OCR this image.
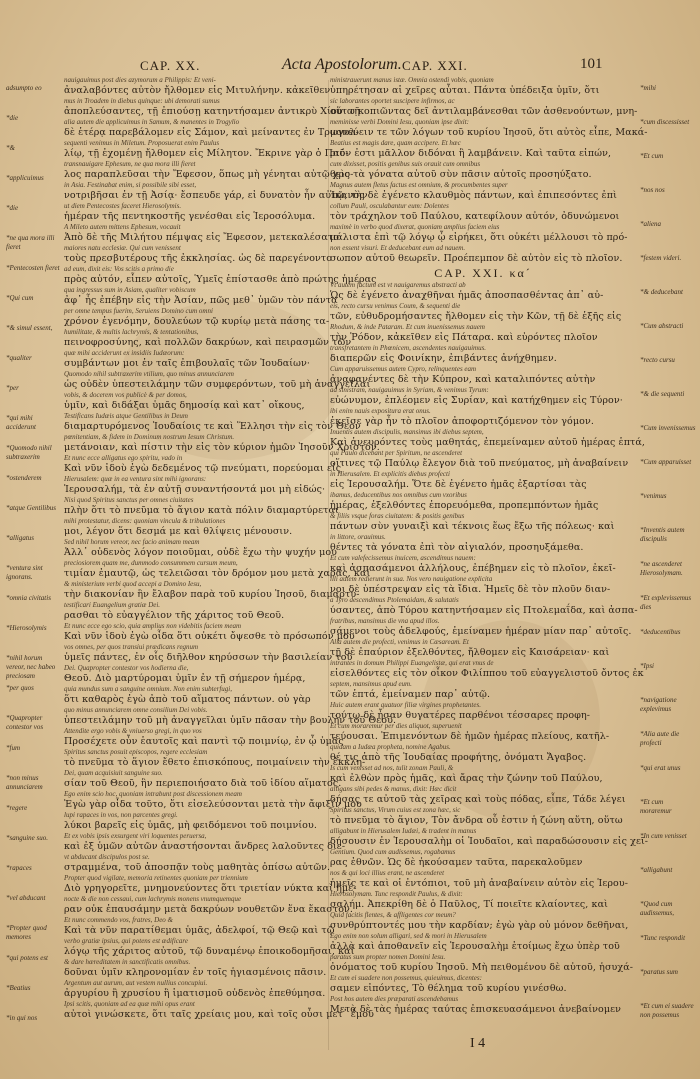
CAP. XX.	Acta Apostolorum. CAP. XXI.	101
adsumpto eo
*die
*&
*applicuimus
*die
*ne qua mora illi fieret
*Pentecosten fieret
*Qui cum
*& simul essent,
*qualiter
*per
*qui mihi acciderunt
*Quomodo nihil subtraxerim
*ostenderem
*atque Gentilibus
*alligatus
*ventura sint ignorans.
*omnia civitatis
*Hierosolymis
*nihil horum vereor, nec habeo preciosam
*per quos
*Quapropter contestor vos
*fum
*non minus annunciarem
*regere
*sanguine suo.
*rapaces
*vel abducant
*Propter quod memores
*qui potens est
*Beatius
*in qui nos
nauigauimus post dies azymorum a Philippis: Et veni-
ἀναλαβόντες αὐτὸν ἤλθομεν εἰς Μιτυλήνην. κἀκεῖθεν
mus in Troadem in diebus quinque: ubi demorati sumus
ἀποπλεύσαντες, τῇ ἐπιούσῃ κατηντήσαμεν ἀντικρὺ Χίου· τῇ
alia autem die applicuimus in Samum, & manentes in Trogylio
δὲ ἑτέρᾳ παρεβάλομεν εἰς Σάμον, καὶ μείναντες ἐν Τρωγυλ-
sequenti venimus in Miletum. Proposuerat enim Paulus
λίῳ, τῇ ἐχομένῃ ἤλθομεν εἰς Μίλητον. Ἔκρινε γὰρ ὁ Παῦ-
transnauigare Ephesum, ne qua mora illi fieret
λος παραπλεῦσαι τὴν Ἔφεσον, ὅπως μὴ γένηται αὐτῷ χρο-
in Asia. Festinabat enim, si possibile sibi esset,
νοτριβῆσαι ἐν τῇ Ἀσίᾳ· ἔσπευδε γάρ, εἰ δυνατὸν ἦν αὐτῷ, τὴν
ut diem Pentecostes faceret Hierosolymis.
ἡμέραν τῆς πεντηκοστῆς γενέσθαι εἰς Ἱεροσόλυμα.
A Mileto autem mittens Ephesum, vocauit
Ἀπὸ δὲ τῆς Μιλήτου πέμψας εἰς Ἔφεσον, μετεκαλέσατο
maiores natu ecclesiæ. Qui cum venissent
τοὺς πρεσβυτέρους τῆς ἐκκλησίας. ὡς δὲ παρεγένοντο
ad eum, dixit eis: Vos scitis a primo die
πρὸς αὐτόν, εἶπεν αὐτοῖς, Ὑμεῖς ἐπίστασθε ἀπὸ πρώτης ἡμέρας
qua ingressus sum in Asiam, qualiter vobiscum
ἀφ᾽ ἧς ἐπέβην εἰς τὴν Ἀσίαν, πῶς μεθ᾽ ὑμῶν τὸν πάντα
per omne tempus fuerim, Seruiens Domino cum omni
χρόνον ἐγενόμην, δουλεύων τῷ κυρίῳ μετὰ πάσης τα-
humilitate, & multis lachrymis, & tentationibus,
πεινοφροσύνης, καὶ πολλῶν δακρύων, καὶ πειρασμῶν τῶν
quæ mihi acciderunt ex insidiis Iudæorum:
συμβάντων μοι ἐν ταῖς ἐπιβουλαῖς τῶν Ἰουδαίων·
Quomodo nihil subtraxerim vtilium, quo minus annunciarem
ὡς οὐδὲν ὑπεστειλάμην τῶν συμφερόντων, τοῦ μὴ ἀναγγεῖλαι
vobis, & docerem vos publicè & per domos,
ὑμῖν, καὶ διδάξαι ὑμᾶς δημοσίᾳ καὶ κατ᾽ οἴκους,
Testificans Iudæis atque Gentilibus in Deum
διαμαρτυρόμενος Ἰουδαίοις τε καὶ Ἕλλησι τὴν εἰς τὸν Θεὸν
pœnitentiam, & fidem in Dominum nostrum Iesum Christum.
μετάνοιαν, καὶ πίστιν τὴν εἰς τὸν κύριον ἡμῶν Ἰησοῦν Χριστόν.
Et nunc ecce alligatus ego spiritu, vado in
Καὶ νῦν ἰδοὺ ἐγὼ δεδεμένος τῷ πνεύματι, πορεύομαι εἰς
Hierusalem: quæ in ea ventura sint mihi ignorans:
Ἱερουσαλήμ, τὰ ἐν αὐτῇ συναντήσοντά μοι μὴ εἰδώς·
Nisi quod Spiritus sanctus per omnes ciuitates
πλὴν ὅτι τὸ πνεῦμα τὸ ἅγιον κατὰ πόλιν διαμαρτύρεται
mihi protestatur, dicens: quoniam vincula & tribulationes
μοι, λέγον ὅτι δεσμά με καὶ θλίψεις μένουσιν.
Sed nihil horum vereor, nec facio animam meam
Ἀλλ᾽ οὐδενὸς λόγον ποιοῦμαι, οὐδὲ ἔχω τὴν ψυχήν μου
preciosiorem quam me, dummodo consummem cursum meum,
τιμίαν ἐμαυτῷ, ὡς τελειῶσαι τὸν δρόμον μου μετὰ χαρᾶς, καὶ
& ministerium verbi quod accepi a Domino Iesu,
τὴν διακονίαν ἣν ἔλαβον παρὰ τοῦ κυρίου Ἰησοῦ, διαμαρτύ-
testificari Euangelium gratiæ Dei.
ρασθαι τὸ εὐαγγέλιον τῆς χάριτος τοῦ Θεοῦ.
Et nunc ecce ego scio, quia amplius non videbitis faciem meam
Καὶ νῦν ἰδοὺ ἐγὼ οἶδα ὅτι οὐκέτι ὄψεσθε τὸ πρόσωπόν μου
vos omnes, per quos transiui prædicans regnum
ὑμεῖς πάντες, ἐν οἷς διῆλθον κηρύσσων τὴν βασιλείαν τοῦ
Dei. Quapropter contestor vos hodierna die,
Θεοῦ. Διὸ μαρτύρομαι ὑμῖν ἐν τῇ σήμερον ἡμέρᾳ,
quia mundus sum a sanguine omnium. Non enim subterfugi,
ὅτι καθαρὸς ἐγὼ ἀπὸ τοῦ αἵματος πάντων. οὐ γὰρ
quo minus annunciarem omne consilium Dei vobis.
ὑπεστειλάμην τοῦ μὴ ἀναγγεῖλαι ὑμῖν πᾶσαν τὴν βουλὴν τοῦ Θεοῦ.
Attendite ergo vobis & vniuerso gregi, in quo vos
Προσέχετε οὖν ἑαυτοῖς καὶ παντὶ τῷ ποιμνίῳ, ἐν ᾧ ὑμᾶς
Spiritus sanctus posuit episcopos, regere ecclesiam
τὸ πνεῦμα τὸ ἅγιον ἔθετο ἐπισκόπους, ποιμαίνειν τὴν ἐκκλη-
Dei, quam acquisiuit sanguine suo.
σίαν τοῦ Θεοῦ, ἣν περιεποιήσατο διὰ τοῦ ἰδίου αἵματος.
Ego enim scio hoc, quoniam intrabunt post discessionem meam
Ἐγὼ γὰρ οἶδα τοῦτο, ὅτι εἰσελεύσονται μετὰ τὴν ἄφιξίν μου
lupi rapaces in vos, non parcentes gregi.
λύκοι βαρεῖς εἰς ὑμᾶς, μὴ φειδόμενοι τοῦ ποιμνίου.
Et ex vobis ipsis exsurgent viri loquentes peruersa,
καὶ ἐξ ὑμῶν αὐτῶν ἀναστήσονται ἄνδρες λαλοῦντες διε-
vt abducant discipulos post se.
στραμμένα, τοῦ ἀποσπᾷν τοὺς μαθητὰς ὀπίσω αὐτῶν.
Propter quod vigilate, memoria retinentes quoniam per triennium
Διὸ γρηγορεῖτε, μνημονεύοντες ὅτι τριετίαν νύκτα καὶ ἡμέ-
nocte & die non cessaui, cum lachrymis monens vnumquemque
ραν οὐκ ἐπαυσάμην μετὰ δακρύων νουθετῶν ἕνα ἕκαστον.
Et nunc commendo vos, fratres, Deo &
Καὶ τὰ νῦν παρατίθεμαι ὑμᾶς, ἀδελφοί, τῷ Θεῷ καὶ τῷ
verbo gratiæ ipsius, qui potens est ædificare
λόγῳ τῆς χάριτος αὐτοῦ, τῷ δυναμένῳ ἐποικοδομῆσαι, καὶ
& dare hæreditatem in sanctificatis omnibus.
δοῦναι ὑμῖν κληρονομίαν ἐν τοῖς ἡγιασμένοις πᾶσιν.
Argentum aut aurum, aut vestem nullius concupiui.
ἀργυρίου ἢ χρυσίου ἢ ἱματισμοῦ οὐδενὸς ἐπεθύμησα.
Ipsi scitis, quoniam ad ea quæ mihi opus erant
αὐτοὶ γινώσκετε, ὅτι ταῖς χρείαις μου, καὶ τοῖς οὖσι μετ᾽ ἐμοῦ
ministrauerunt manus istæ. Omnia ostendi vobis, quoniam
ὑπηρέτησαν αἱ χεῖρες αὗται. Πάντα ὑπέδειξα ὑμῖν, ὅτι
sic laborantes oportet suscipere infirmos, ac
οὕτω κοπιῶντας δεῖ ἀντιλαμβάνεσθαι τῶν ἀσθενούντων, μνη-
meminisse verbi Domini Iesu, quoniam ipse dixit:
μονεύειν τε τῶν λόγων τοῦ κυρίου Ἰησοῦ, ὅτι αὐτὸς εἶπε, Μακά-
Beatius est magis dare, quam accipere. Et hæc
ριόν ἐστι μᾶλλον διδόναι ἢ λαμβάνειν. Καὶ ταῦτα εἰπών,
cum dixisset, positis genibus suis orauit cum omnibus
θεὶς τὰ γόνατα αὐτοῦ σὺν πᾶσιν αὐτοῖς προσηύξατο.
Magnus autem fletus factus est omnium, & procumbentes super
Ἱκανὸς δὲ ἐγένετο κλαυθμὸς πάντων, καὶ ἐπιπεσόντες ἐπὶ
collum Pauli, osculabantur eum: Dolentes
τὸν τράχηλον τοῦ Παύλου, κατεφίλουν αὐτόν, ὀδυνώμενοι
maximè in verbo quod dixerat, quoniam amplius faciem eius
μάλιστα ἐπὶ τῷ λόγῳ ᾧ εἰρήκει, ὅτι οὐκέτι μέλλουσι τὸ πρό-
non essent visuri. Et deducebant eum ad nauem.
σωπον αὐτοῦ θεωρεῖν. Προέπεμπον δὲ αὐτὸν εἰς τὸ πλοῖον.
CAP. XXI. κα´
Vt autem factum est vt nauigaremus abstracti ab
Ὡς δὲ ἐγένετο ἀναχθῆναι ἡμᾶς ἀποσπασθέντας ἀπ᾽ αὐ-
eis, recto cursu venimus Coum, & sequenti die
τῶν, εὐθυδρομήσαντες ἤλθομεν εἰς τὴν Κῶν, τῇ δὲ ἑξῆς εἰς
Rhodum, & inde Pataram. Et cum inuenissemus nauem
τὴν Ῥόδον, κἀκεῖθεν εἰς Πάταρα. καὶ εὑρόντες πλοῖον
transfretantem in Phœnicem, ascendentes nauigauimus.
διαπερῶν εἰς Φοινίκην, ἐπιβάντες ἀνήχθημεν.
Cum apparuissemus autem Cypro, relinquentes eam
ἀναφανέντες δὲ τὴν Κύπρον, καὶ καταλιπόντες αὐτὴν
ad sinistram, nauigauimus in Syriam, & venimus Tyrum:
εὐώνυμον, ἐπλέομεν εἰς Συρίαν, καὶ κατήχθημεν εἰς Τύρον·
ibi enim nauis expositura erat onus.
ἐκεῖσε γὰρ ἦν τὸ πλοῖον ἀποφορτιζόμενον τὸν γόμον.
Inuentis autem discipulis, mansimus ibi diebus septem,
Καὶ ἀνευρόντες τοὺς μαθητάς, ἐπεμείναμεν αὐτοῦ ἡμέρας ἑπτά,
qui Paulo dicebant per Spiritum, ne ascenderet
οἵτινες τῷ Παύλῳ ἔλεγον διὰ τοῦ πνεύματος, μὴ ἀναβαίνειν
in Hierusalem. Et explicitis diebus profecti
εἰς Ἱερουσαλήμ. Ὅτε δὲ ἐγένετο ἡμᾶς ἐξαρτίσαι τὰς
ibamus, deducentibus nos omnibus cum vxoribus
ἡμέρας, ἐξελθόντες ἐπορευόμεθα, προπεμπόντων ἡμᾶς
& filiis vsque foras ciuitatem: & positis genibus
πάντων σὺν γυναιξὶ καὶ τέκνοις ἕως ἔξω τῆς πόλεως· καὶ
in littore, orauimus.
θέντες τὰ γόνατα ἐπὶ τὸν αἰγιαλόν, προσηυξάμεθα.
Et cum valefecissemus inuicem, ascendimus nauem:
καὶ ἀσπασάμενοι ἀλλήλους, ἐπέβημεν εἰς τὸ πλοῖον, ἐκεῖ-
illi autem redierunt in sua. Nos vero nauigatione explicita
νοι δὲ ὑπέστρεψαν εἰς τὰ ἴδια. Ἡμεῖς δὲ τὸν πλοῦν διαν-
a Tyro descendimus Ptolemaidam, & salutatis
ύσαντες, ἀπὸ Τύρου κατηντήσαμεν εἰς Πτολεμαΐδα, καὶ ἀσπα-
fratribus, mansimus die vna apud illos.
σάμενοι τοὺς ἀδελφούς, ἐμείναμεν ἡμέραν μίαν παρ᾽ αὐτοῖς.
Alia autem die profecti, venimus in Cæsaream. Et
τῇ δὲ ἐπαύριον ἐξελθόντες, ἤλθομεν εἰς Καισάρειαν· καὶ
intrantes in domum Philippi Euangelistæ, qui erat vnus de
εἰσελθόντες εἰς τὸν οἶκον Φιλίππου τοῦ εὐαγγελιστοῦ ὄντος ἐκ
septem, mansimus apud eum.
τῶν ἑπτά, ἐμείναμεν παρ᾽ αὐτῷ.
Huic autem erant quatuor filiæ virgines prophetantes.
τούτῳ δὲ ἦσαν θυγατέρες παρθένοι τέσσαρες προφη-
Et cum moraremur per dies aliquot, superuenit
τεύουσαι. Ἐπιμενόντων δὲ ἡμῶν ἡμέρας πλείους, κατῆλ-
quidam a Iudæa propheta, nomine Agabus.
θέ τις ἀπὸ τῆς Ἰουδαίας προφήτης, ὀνόματι Ἄγαβος.
Is cum venisset ad nos, tulit zonam Pauli, &
καὶ ἐλθὼν πρὸς ἡμᾶς, καὶ ἄρας τὴν ζώνην τοῦ Παύλου,
alligans sibi pedes & manus, dixit: Hæc dicit
δήσας τε αὐτοῦ τὰς χεῖρας καὶ τοὺς πόδας, εἶπε, Τάδε λέγει
Spiritus sanctus, Virum cuius est zona hæc, sic
τὸ πνεῦμα τὸ ἅγιον, Τὸν ἄνδρα οὗ ἐστιν ἡ ζώνη αὕτη, οὕτω
alligabunt in Hierusalem Iudæi, & tradent in manus
δήσουσιν ἐν Ἱερουσαλὴμ οἱ Ἰουδαῖοι, καὶ παραδώσουσιν εἰς χεῖ-
Gentium. Quod cum audissemus, rogabamus
ρας ἐθνῶν. Ὡς δὲ ἠκούσαμεν ταῦτα, παρεκαλοῦμεν
nos & qui loci illius erant, ne ascenderet
ἡμεῖς τε καὶ οἱ ἐντόπιοι, τοῦ μὴ ἀναβαίνειν αὐτὸν εἰς Ἱερου-
Hierosolymam. Tunc respondit Paulus, & dixit:
σαλήμ. Ἀπεκρίθη δὲ ὁ Παῦλος, Τί ποιεῖτε κλαίοντες, καὶ
Quid facitis flentes, & affligentes cor meum?
συνθρύπτοντές μου τὴν καρδίαν; ἐγὼ γὰρ οὐ μόνον δεθῆναι,
Ego enim non solum alligari, sed & mori in Hierusalem
ἀλλὰ καὶ ἀποθανεῖν εἰς Ἱερουσαλὴμ ἑτοίμως ἔχω ὑπὲρ τοῦ
paratus sum propter nomen Domini Iesu.
ὀνόματος τοῦ κυρίου Ἰησοῦ. Μὴ πειθομένου δὲ αὐτοῦ, ἡσυχά-
Et cum ei suadere non possemus, quieuimus, dicentes:
σαμεν εἰπόντες, Τὸ θέλημα τοῦ κυρίου γινέσθω.
Post hos autem dies præparati ascendebamus
Μετὰ δὲ τὰς ἡμέρας ταύτας ἐπισκευασάμενοι ἀνεβαίνομεν
*mihi
*cum discessisset
*Et cum
*nos nos
*aliena
*festem videri.
*& deducebant
*Cum abstracti
*recto cursu
*& die sequenti
*Cum invenissemus
*Cum apparuisset
*venimus
*Inventis autem discipulis
*ne ascenderet Hierosolymam.
*Et explevissemus dies
*deducentibus
*Ipsi
*navigatione explevimus
*Alia aute die profecti
*qui erat unus
*Et cum moraremur
*In cum venisset
*alligabunt
*Quod cum audissemus,
*Tunc respondit
*paratus sum
*Et cum ei suadere non possemus
I 4
